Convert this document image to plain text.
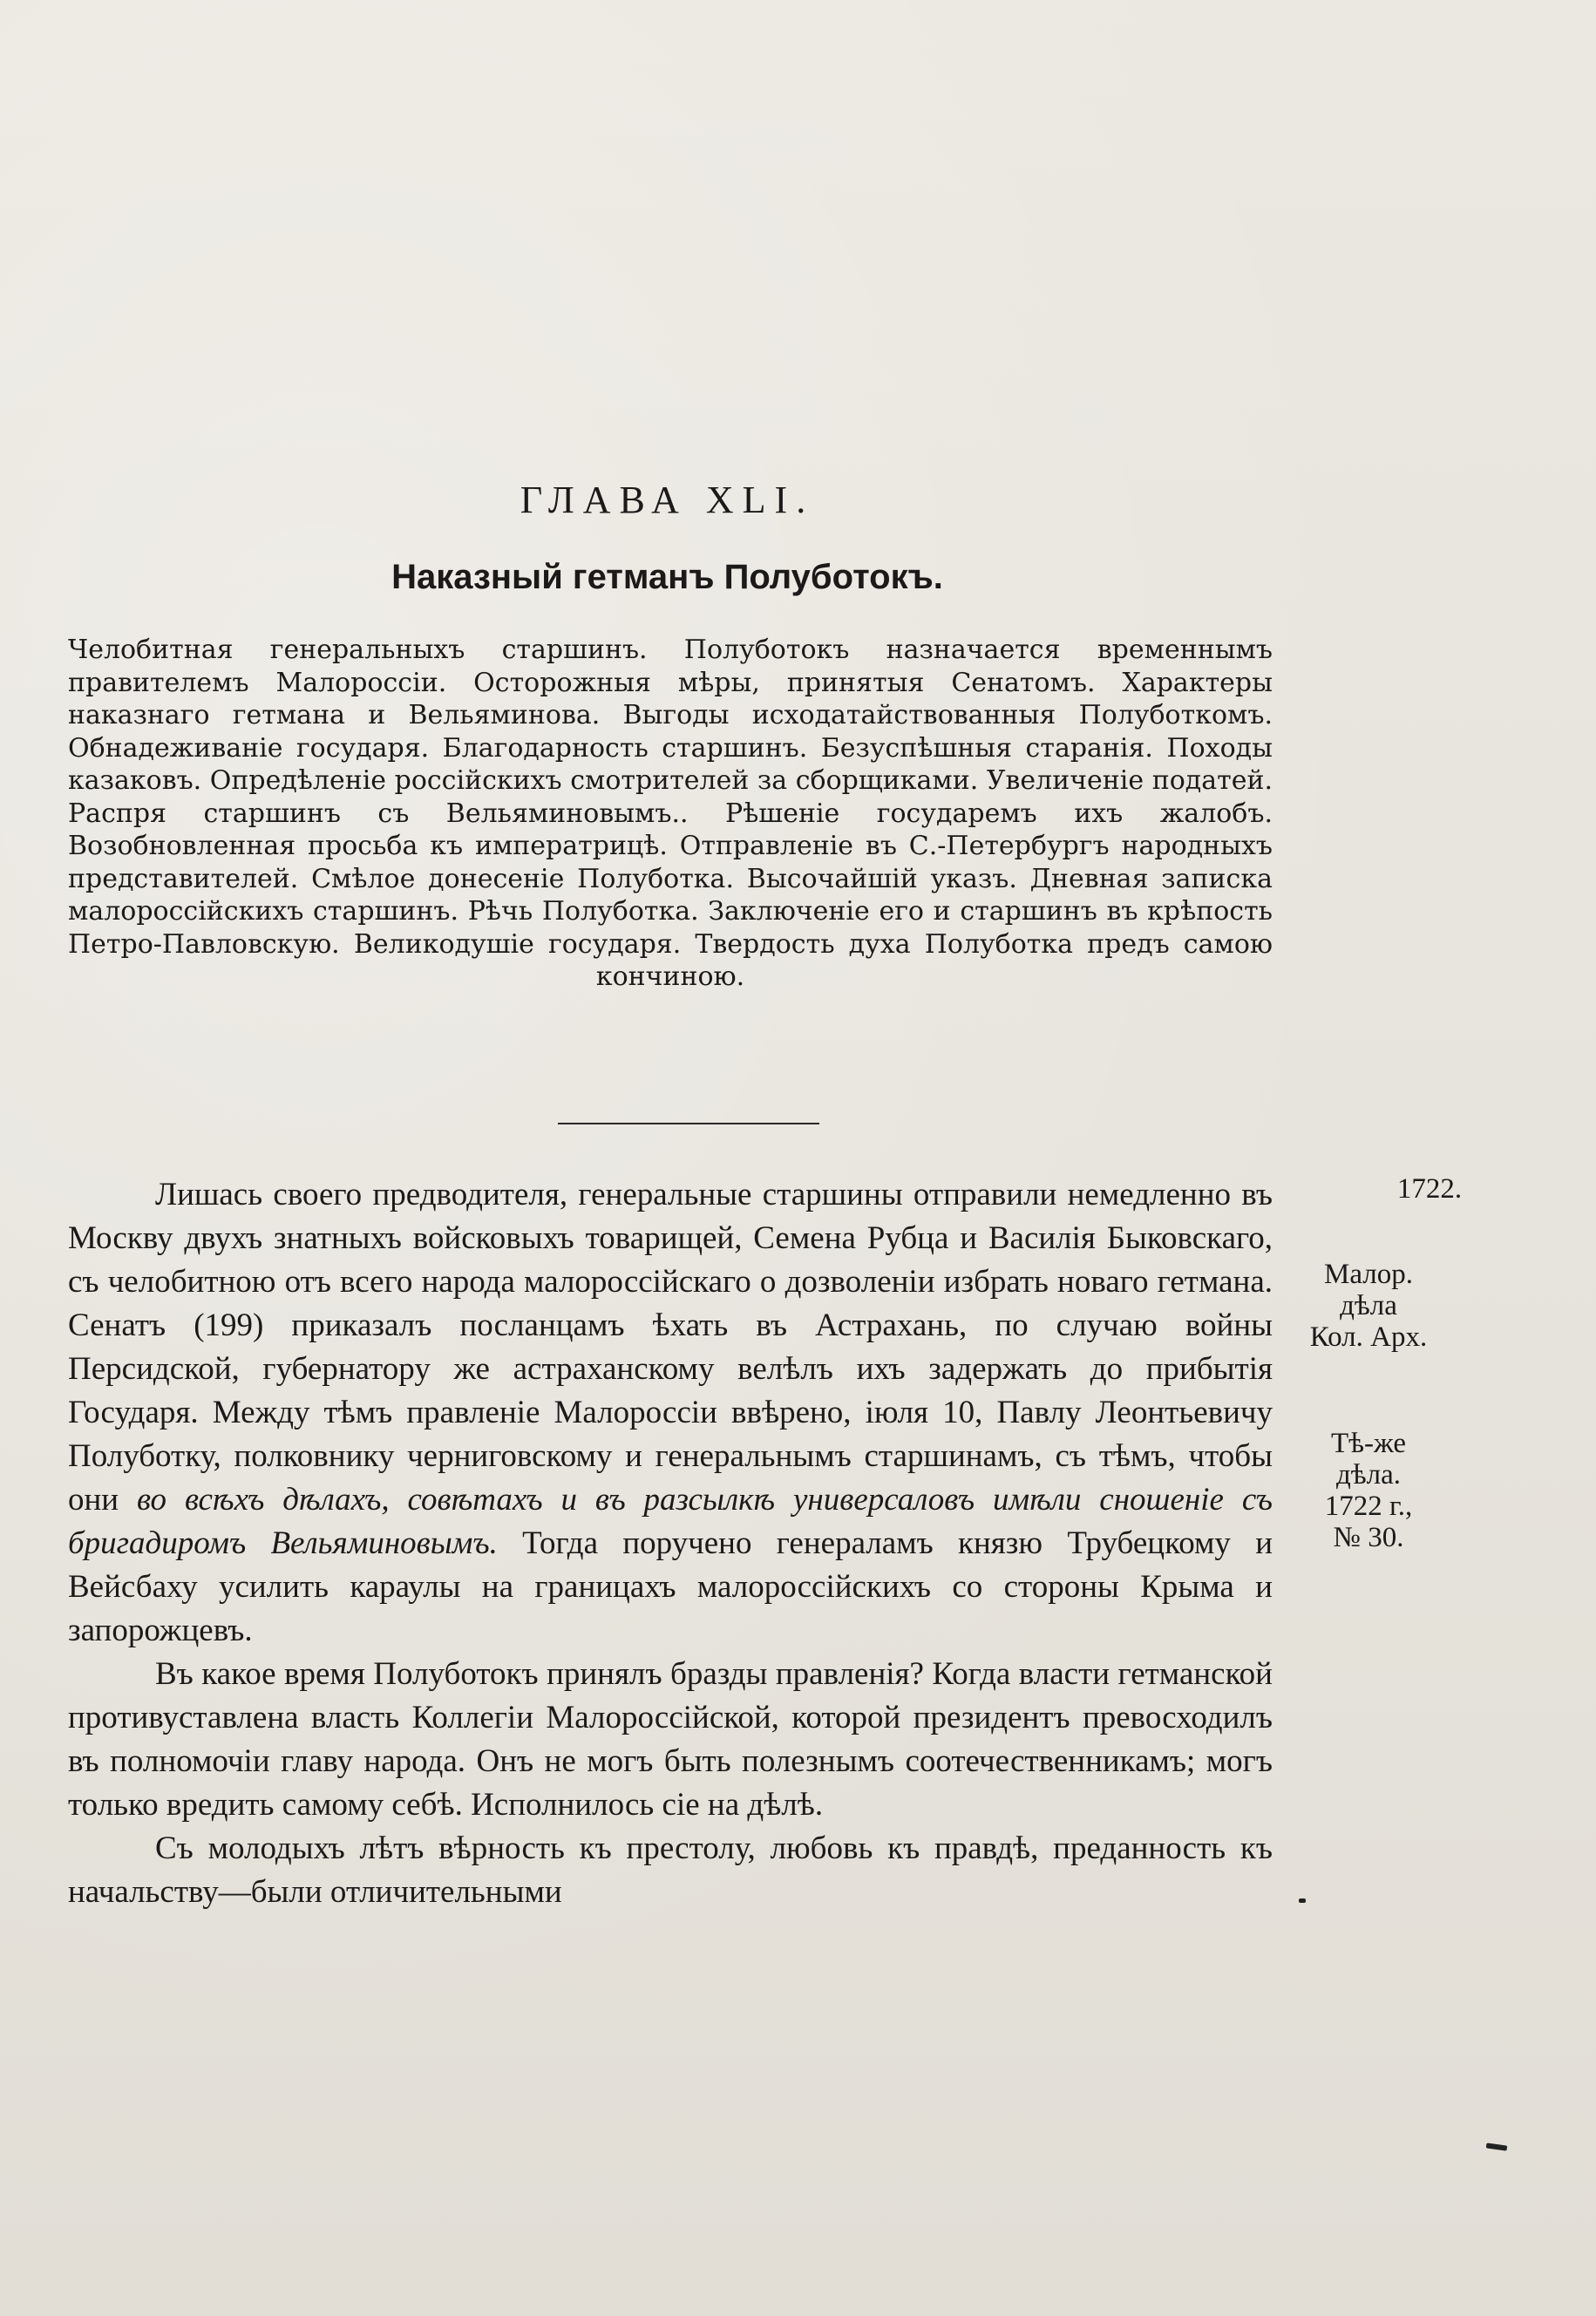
ГЛАВА XLI.
Наказный гетманъ Полуботокъ.
Челобитная генеральныхъ старшинъ. Полуботокъ назначается временнымъ правителемъ Малороссіи. Осторожныя мѣры, принятыя Сенатомъ. Характеры наказнаго гетмана и Вельяминова. Выгоды исходатайствованныя Полуботкомъ. Обнадеживаніе государя. Благодарность старшинъ. Безуспѣшныя старанія. Походы казаковъ. Опредѣленіе россійскихъ смотрителей за сборщиками. Увеличеніе податей. Распря старшинъ съ Вельяминовымъ.. Рѣшеніе государемъ ихъ жалобъ. Возобновленная просьба къ императрицѣ. Отправленіе въ С.-Петербургъ народныхъ представителей. Смѣлое донесеніе Полуботка. Высочайшій указъ. Дневная записка малороссійскихъ старшинъ. Рѣчь Полуботка. Заключеніе его и старшинъ въ крѣпость Петро-Павловскую. Великодушіе государя. Твердость духа Полуботка предъ самою кончиною.

Лишась своего предводителя, генеральные старшины отправили немедленно въ Москву двухъ знатныхъ войсковыхъ товарищей, Семена Рубца и Василія Быковскаго, съ челобитною отъ всего народа малороссійскаго о дозволеніи избрать новаго гетмана. Сенатъ (199) приказалъ посланцамъ ѣхать въ Астрахань, по случаю войны Персидской, губернатору же астраханскому велѣлъ ихъ задержать до прибытія Государя. Между тѣмъ правленіе Малороссіи ввѣрено, іюля 10, Павлу Леонтьевичу Полуботку, полковнику черниговскому и генеральнымъ старшинамъ, съ тѣмъ, чтобы они во всѣхъ дѣлахъ, совѣтахъ и въ разсылкѣ универсаловъ имѣли сношеніе съ бригадиромъ Вельяминовымъ. Тогда поручено генераламъ князю Трубецкому и Вейсбаху усилить караулы на границахъ малороссійскихъ со стороны Крыма и запорожцевъ.

Въ какое время Полуботокъ принялъ бразды правленія? Когда власти гетманской противуставлена власть Коллегіи Малороссійской, которой президентъ превосходилъ въ полномочіи главу народа. Онъ не могъ быть полезнымъ соотечественникамъ; могъ только вредить самому себѣ. Исполнилось сіе на дѣлѣ.

Съ молодыхъ лѣтъ вѣрность къ престолу, любовь къ правдѣ, преданность къ начальству—были отличительными

1722.
Малор.
дѣла
Кол. Арх.
Тѣ-же
дѣла.
1722 г.,
№ 30.
